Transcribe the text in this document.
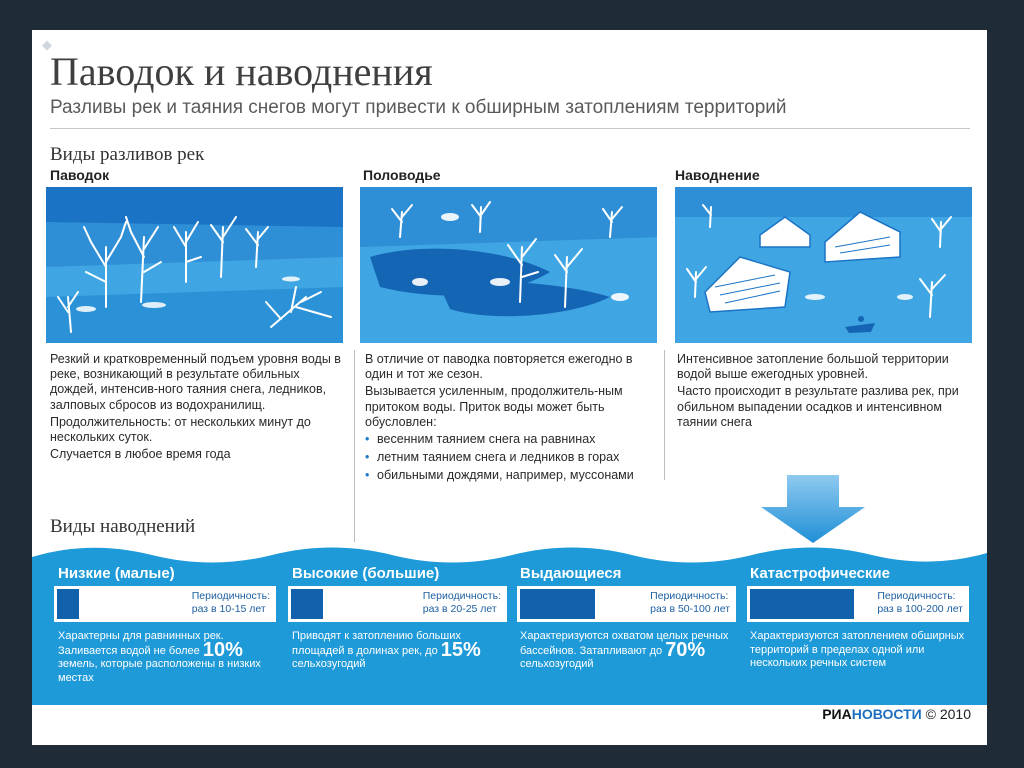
◆
Паводок и наводнения
Разливы рек и таяния снегов могут привести к обширным затоплениям территорий
Виды разливов рек
Паводок

Резкий и кратковременный подъем уровня воды в реке, возникающий в результате обильных дождей, интенсив-ного таяния снега, ледников, залповых сбросов из водохранилищ.

Продолжительность: от нескольких минут до нескольких суток.

Случается в любое время года

Половодье

В отличие от паводка повторяется ежегодно в один и тот же сезон.

Вызывается усиленным, продолжитель-ным притоком воды. Приток воды может быть обусловлен:

• весенним таянием снега на равнинах
• летним таянием снега и ледников в горах
• обильными дождями, например, муссонами
Наводнение

Интенсивное затопление большой территории водой выше ежегодных уровней.

Часто происходит в результате разлива рек, при обильном выпадении осадков и интенсивном таянии снега

Виды наводнений
Низкие (малые)
Периодичность:
раз в 10-15 лет
Характерны для равнинных рек. Заливается водой не более 10% земель, которые расположены в низких местах
Высокие (большие)
Периодичность:
раз в 20-25 лет
Приводят к затоплению больших площадей в долинах рек, до 15% сельхозугодий
Выдающиеся
Периодичность:
раз в 50-100 лет
Характеризуются охватом целых речных бассейнов. Затапливают до 70% сельхозугодий
Катастрофические
Периодичность:
раз в 100-200 лет
Характеризуются затоплением обширных территорий в пределах одной или нескольких речных систем
РИАНОВОСТИ © 2010
